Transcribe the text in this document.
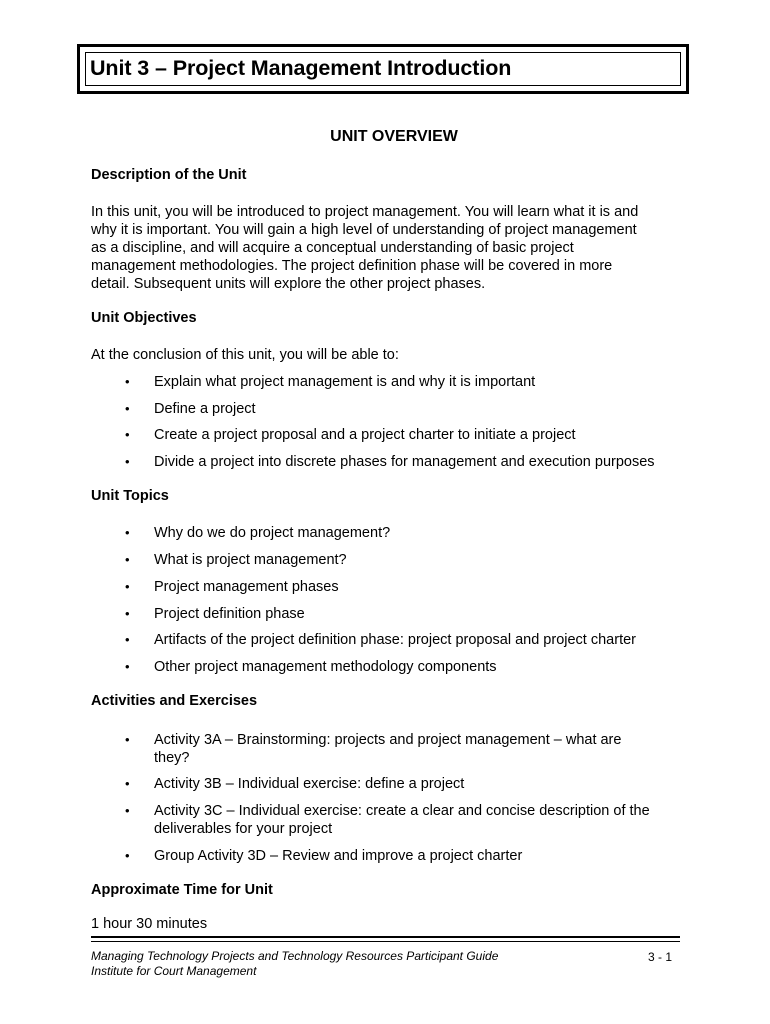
Unit 3 – Project Management Introduction
UNIT OVERVIEW
Description of the Unit
In this unit, you will be introduced to project management. You will learn what it is and
why it is important. You will gain a high level of understanding of project management
as a discipline, and will acquire a conceptual understanding of basic project
management methodologies. The project definition phase will be covered in more
detail. Subsequent units will explore the other project phases.
Unit Objectives
At the conclusion of this unit, you will be able to:
• Explain what project management is and why it is important
• Define a project
• Create a project proposal and a project charter to initiate a project
• Divide a project into discrete phases for management and execution purposes
Unit Topics
• Why do we do project management?
• What is project management?
• Project management phases
• Project definition phase
• Artifacts of the project definition phase: project proposal and project charter
• Other project management methodology components
Activities and Exercises
• Activity 3A – Brainstorming: projects and project management – what are
they?
• Activity 3B – Individual exercise: define a project
• Activity 3C – Individual exercise: create a clear and concise description of the
deliverables for your project
• Group Activity 3D – Review and improve a project charter
Approximate Time for Unit
1 hour 30 minutes
Managing Technology Projects and Technology Resources Participant Guide
Institute for Court Management
3 - 1
